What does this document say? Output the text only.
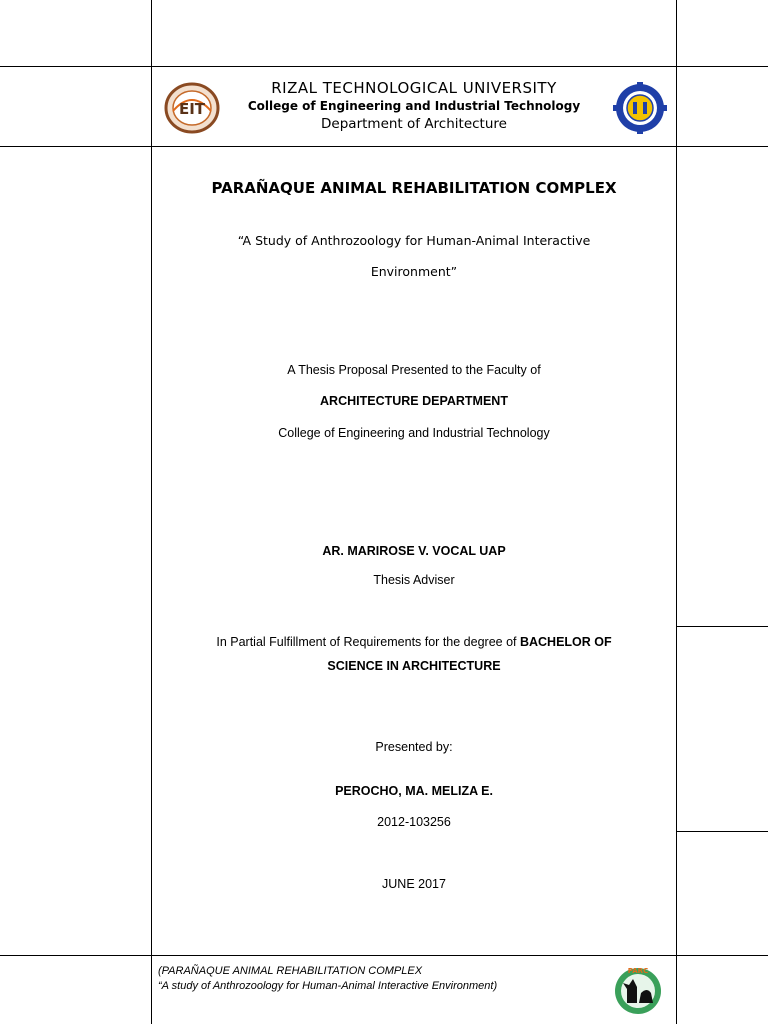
EIT
RIZAL TECHNOLOGICAL UNIVERSITY
College of Engineering and Industrial Technology
Department of Architecture
PARAÑAQUE ANIMAL REHABILITATION COMPLEX
“A Study of Anthrozoology for Human-Animal Interactive
Environment”
A Thesis Proposal Presented to the Faculty of
ARCHITECTURE DEPARTMENT
College of Engineering and Industrial Technology
AR. MARIROSE V. VOCAL UAP
Thesis Adviser
In Partial Fulfillment of Requirements for the degree of BACHELOR OF
SCIENCE IN ARCHITECTURE
Presented by:
PEROCHO, MA. MELIZA E.
2012-103256
JUNE 2017
(PARAÑAQUE ANIMAL REHABILITATION COMPLEX
“A study of Anthrozoology for Human-Animal Interactive Environment)
PARC
